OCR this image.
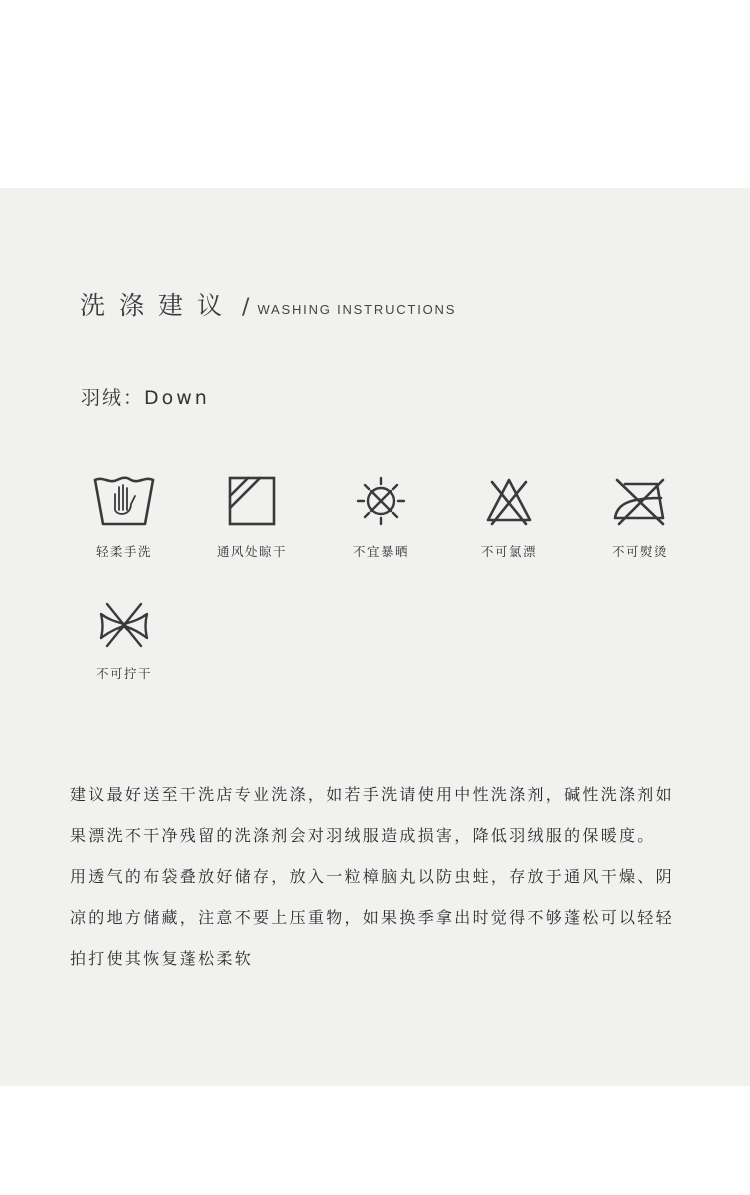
洗涤建议 / WASHING INSTRUCTIONS
羽绒：Down
轻柔手洗	通风处晾干	不宜暴晒	不可氯漂	不可熨烫
不可拧干

建议最好送至干洗店专业洗涤，如若手洗请使用中性洗涤剂，碱性洗涤剂如果漂洗不干净残留的洗涤剂会对羽绒服造成损害，降低羽绒服的保暖度。

用透气的布袋叠放好储存，放入一粒樟脑丸以防虫蛀，存放于通风干燥、阴凉的地方储藏，注意不要上压重物，如果换季拿出时觉得不够蓬松可以轻轻拍打使其恢复蓬松柔软
